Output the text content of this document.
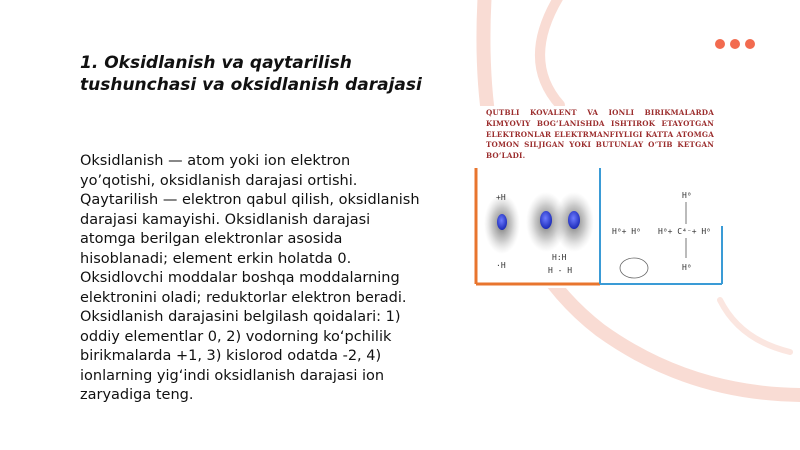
1. Oksidlanish va qaytarilish tushunchasi va oksidlanish darajasi
Oksidlanish — atom yoki ion elektron yo’qotishi, oksidlanish darajasi ortishi. Qaytarilish — elektron qabul qilish, oksidlanish darajasi kamayishi. Oksidlanish darajasi atomga berilgan elektronlar asosida hisoblanadi; element erkin holatda 0. Oksidlovchi moddalar boshqa moddalarning elektronini oladi; reduktorlar elektron beradi. Oksidlanish darajasini belgilash qoidalari: 1) oddiy elementlar 0, 2) vodorning ko‘pchilik birikmalarda +1, 3) kislorod odatda -2, 4) ionlarning yig‘indi oksidlanish darajasi ion zaryadiga teng.
+H
·H
H:H
H - H
H⁰+ H⁰ H⁰+ C⁴⁻+ H⁰
H⁰
H⁰
QUTBLI KOVALENT VA IONLI BIRIKMALARDA KIMYOVIY BOG‘LANISHDA ISHTIROK ETAYOTGAN ELEKTRONLAR ELEKTRMANFIYLIGI KATTA ATOMGA TOMON SILJIGAN YOKI BUTUNLAY O‘TIB KETGAN BO‘LADI.
